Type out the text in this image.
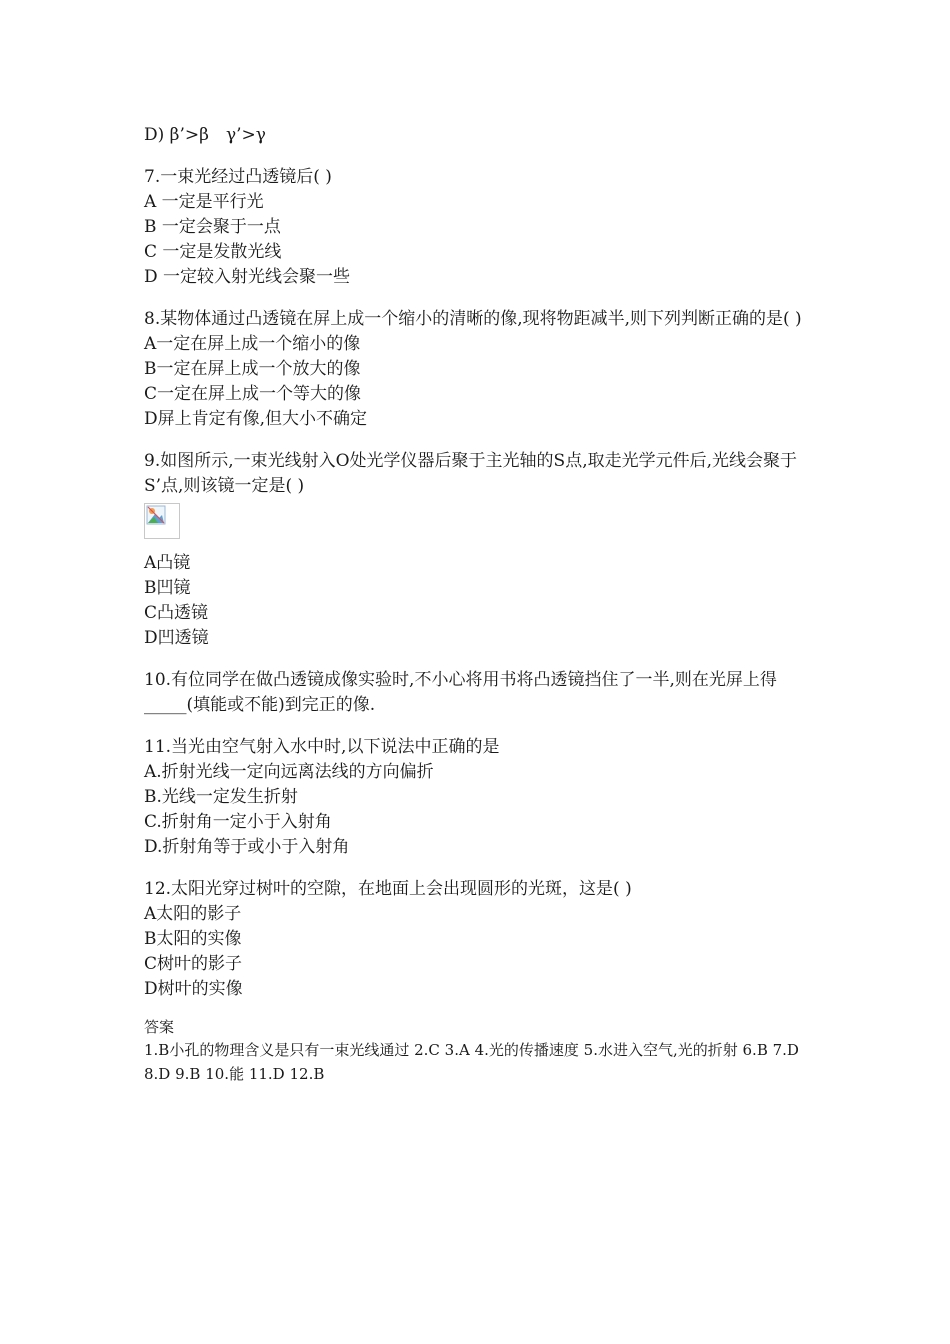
D) β’>β　γ’>γ
7.一束光经过凸透镜后( )
A 一定是平行光
B 一定会聚于一点
C 一定是发散光线
D 一定较入射光线会聚一些
8.某物体通过凸透镜在屏上成一个缩小的清晰的像,现将物距减半,则下列判断正确的是( )
A一定在屏上成一个缩小的像
B一定在屏上成一个放大的像
C一定在屏上成一个等大的像
D屏上肯定有像,但大小不确定
9.如图所示,一束光线射入O处光学仪器后聚于主光轴的S点,取走光学元件后,光线会聚于S’点,则该镜一定是( )
A凸镜
B凹镜
C凸透镜
D凹透镜
10.有位同学在做凸透镜成像实验时,不小心将用书将凸透镜挡住了一半,则在光屏上得_____(填能或不能)到完正的像.
11.当光由空气射入水中时,以下说法中正确的是
A.折射光线一定向远离法线的方向偏折
B.光线一定发生折射
C.折射角一定小于入射角
D.折射角等于或小于入射角
12.太阳光穿过树叶的空隙，在地面上会出现圆形的光斑，这是( )
A太阳的影子
B太阳的实像
C树叶的影子
D树叶的实像
答案
1.B小孔的物理含义是只有一束光线通过 2.C 3.A 4.光的传播速度 5.水进入空气,光的折射 6.B 7.D 8.D 9.B 10.能 11.D 12.B
